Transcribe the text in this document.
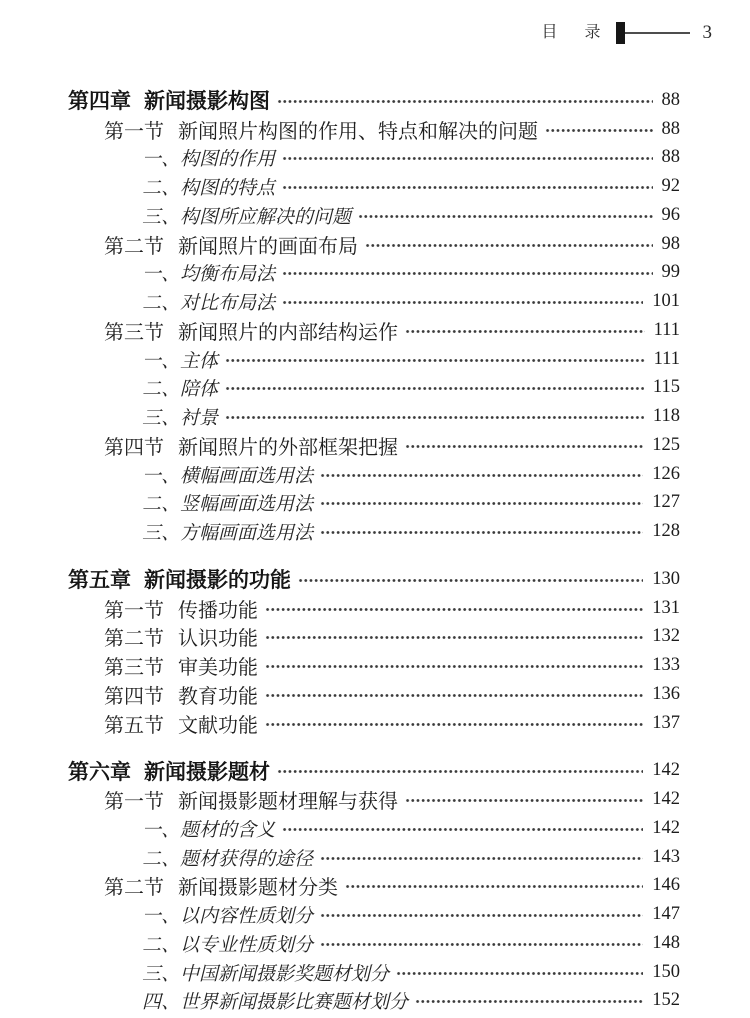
目 录	3
第四章 新闻摄影构图	88
第一节 新闻照片构图的作用、特点和解决的问题	88
一、 构图的作用	88
二、 构图的特点	92
三、 构图所应解决的问题	96
第二节 新闻照片的画面布局	98
一、 均衡布局法	99
二、 对比布局法	101
第三节 新闻照片的内部结构运作	111
一、 主体	111
二、 陪体	115
三、 衬景	118
第四节 新闻照片的外部框架把握	125
一、 横幅画面选用法	126
二、 竖幅画面选用法	127
三、 方幅画面选用法	128
第五章 新闻摄影的功能	130
第一节 传播功能	131
第二节 认识功能	132
第三节 审美功能	133
第四节 教育功能	136
第五节 文献功能	137
第六章 新闻摄影题材	142
第一节 新闻摄影题材理解与获得	142
一、 题材的含义	142
二、 题材获得的途径	143
第二节 新闻摄影题材分类	146
一、 以内容性质划分	147
二、 以专业性质划分	148
三、 中国新闻摄影奖题材划分	150
四、 世界新闻摄影比赛题材划分	152
